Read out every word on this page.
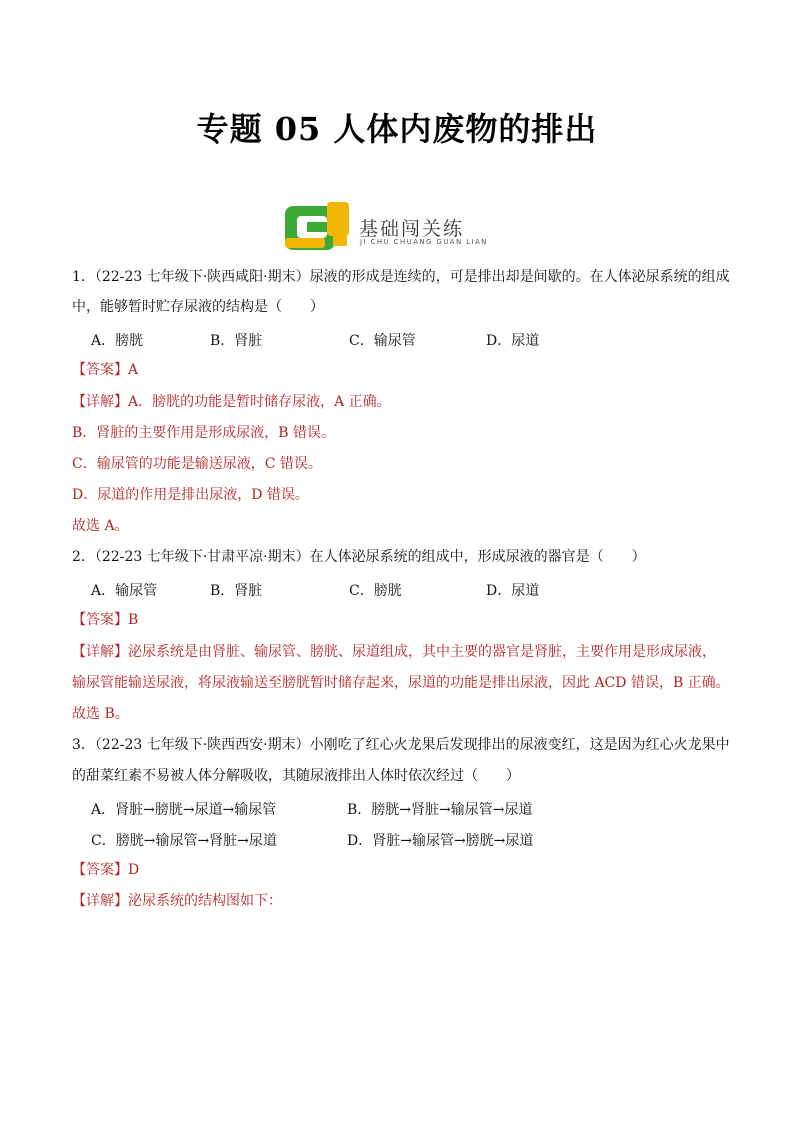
专题 05 人体内废物的排出
基础闯关练
JI CHU CHUANG GUAN LIAN
1．（22-23 七年级下·陕西咸阳·期末）尿液的形成是连续的，可是排出却是间歇的。在人体泌尿系统的组成
中，能够暂时贮存尿液的结构是（　　）
A．膀胱	B．肾脏	C．输尿管	D．尿道
【答案】A
【详解】A．膀胱的功能是暂时储存尿液，A 正确。
B．肾脏的主要作用是形成尿液，B 错误。
C．输尿管的功能是输送尿液，C 错误。
D．尿道的作用是排出尿液，D 错误。
故选 A。
2．（22-23 七年级下·甘肃平凉·期末）在人体泌尿系统的组成中，形成尿液的器官是（　　）
A．输尿管	B．肾脏	C．膀胱	D．尿道
【答案】B
【详解】泌尿系统是由肾脏、输尿管、膀胱、尿道组成，其中主要的器官是肾脏，主要作用是形成尿液，
输尿管能输送尿液，将尿液输送至膀胱暂时储存起来，尿道的功能是排出尿液，因此 ACD 错误，B 正确。
故选 B。
3．（22-23 七年级下·陕西西安·期末）小刚吃了红心火龙果后发现排出的尿液变红，这是因为红心火龙果中
的甜菜红素不易被人体分解吸收，其随尿液排出人体时依次经过（　　）
A．肾脏→膀胱→尿道→输尿管	B．膀胱→肾脏→输尿管→尿道
C．膀胱→输尿管→肾脏→尿道	D．肾脏→输尿管→膀胱→尿道
【答案】D
【详解】泌尿系统的结构图如下：
